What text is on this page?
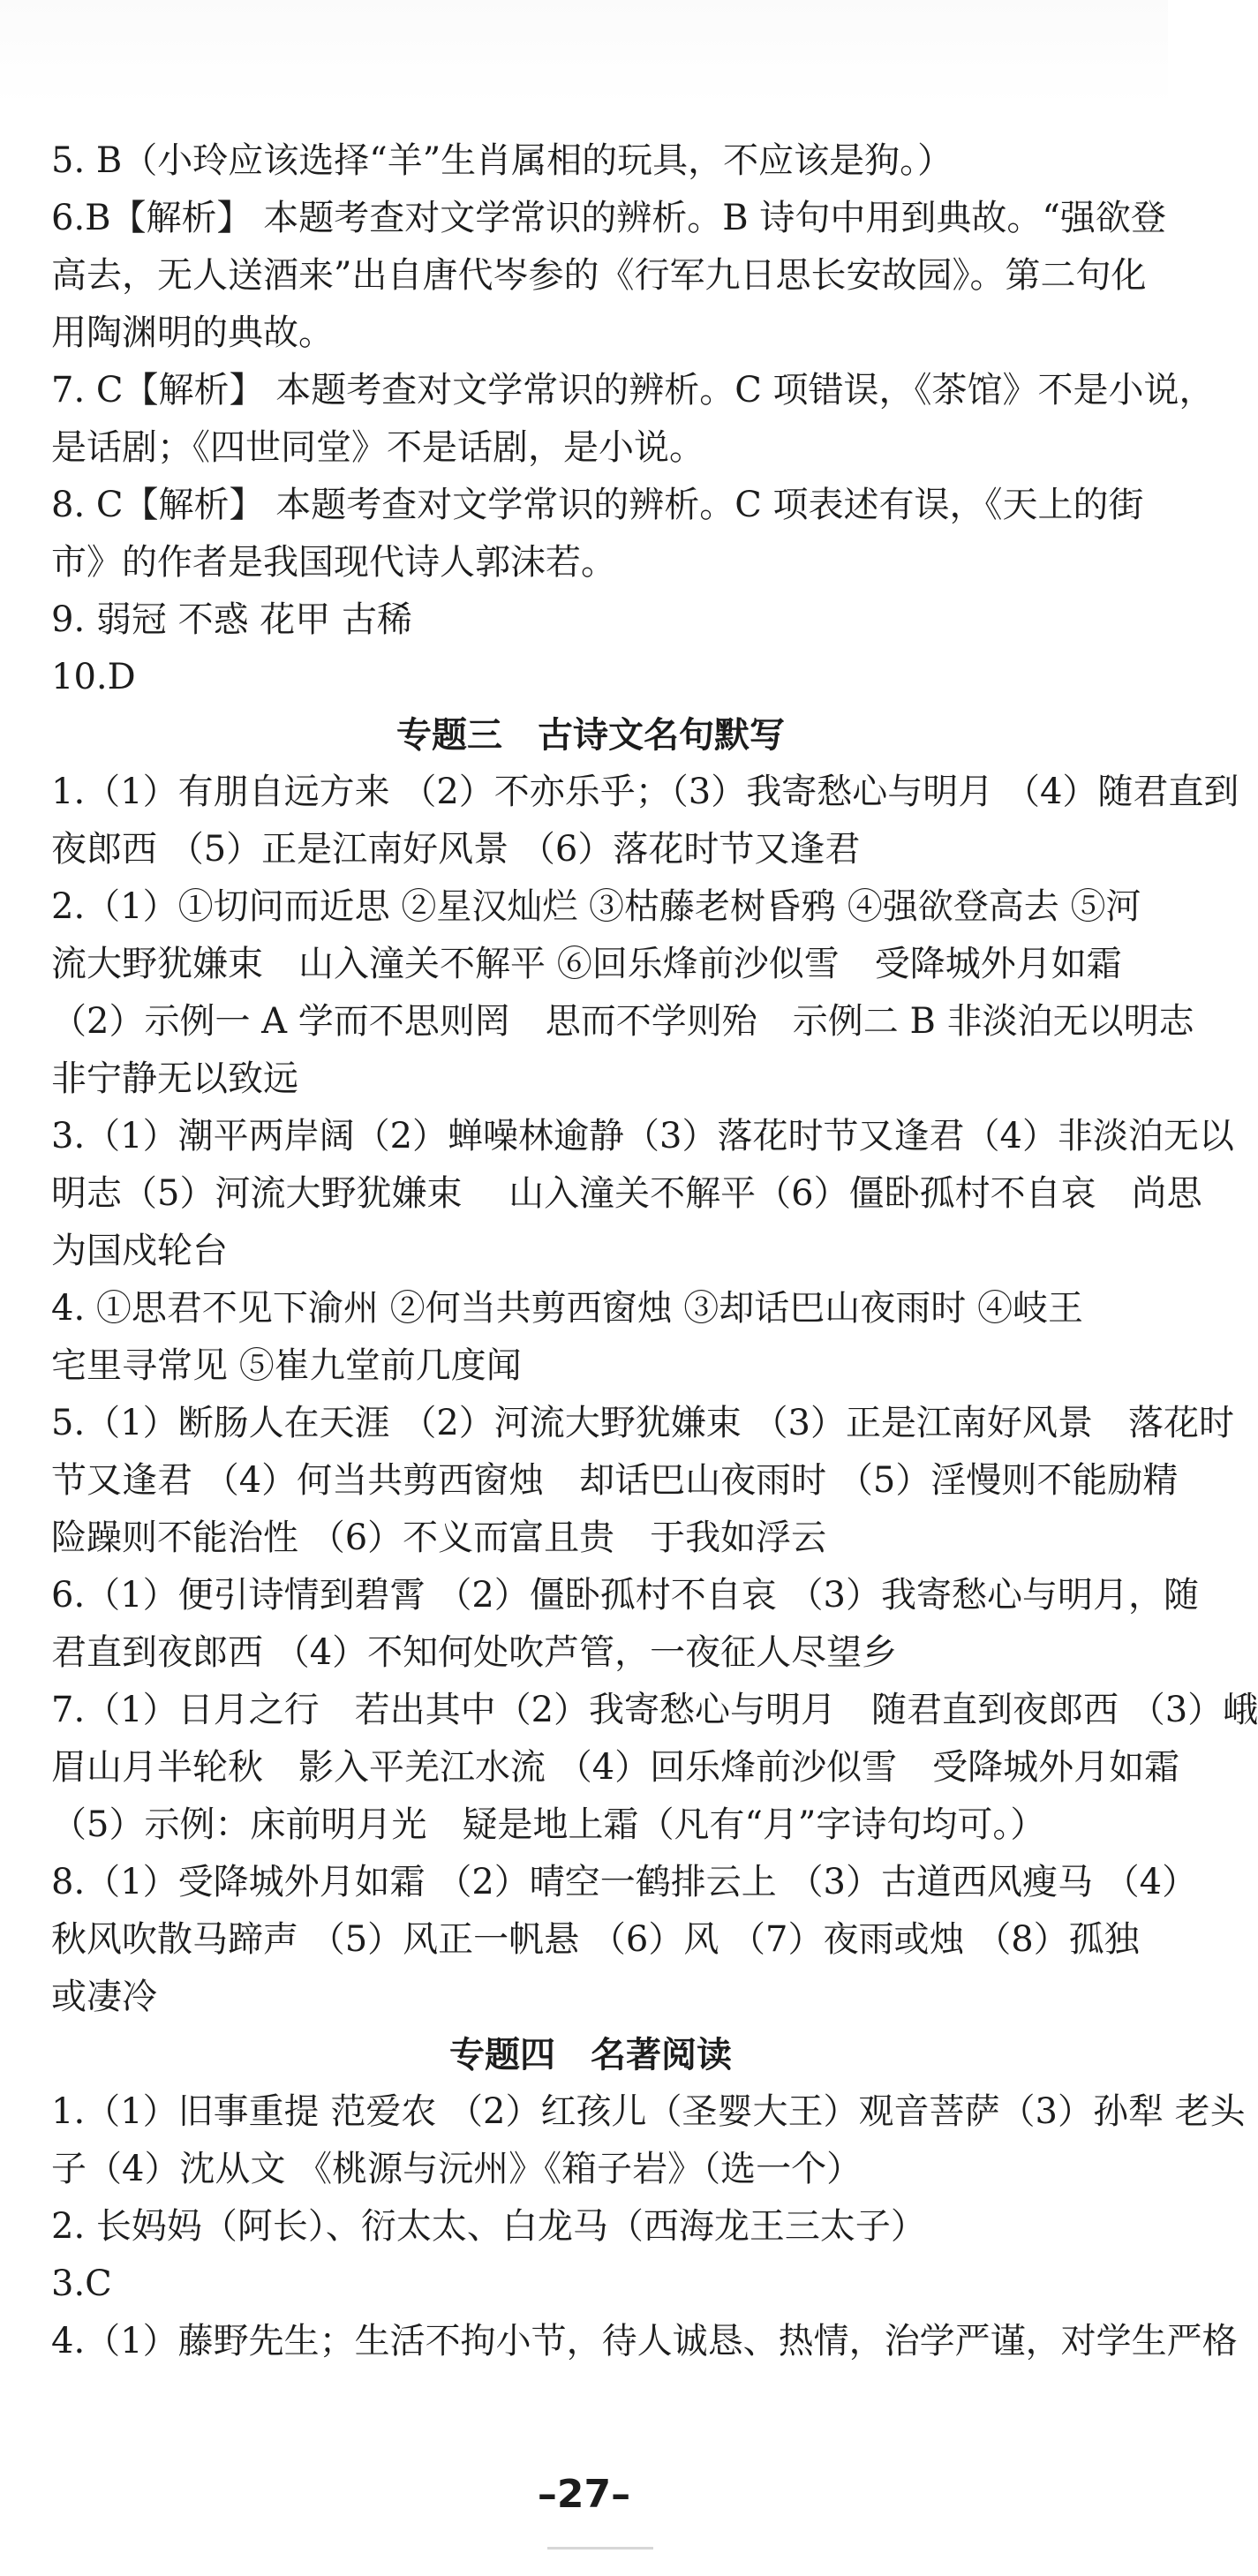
5. B（小玲应该选择“羊”生肖属相的玩具，不应该是狗。）
6.B【解析】 本题考查对文学常识的辨析。B 诗句中用到典故。“强欲登
高去，无人送酒来”出自唐代岑参的《行军九日思长安故园》。第二句化
用陶渊明的典故。
7. C【解析】 本题考查对文学常识的辨析。C 项错误，《茶馆》不是小说，
是话剧；《四世同堂》不是话剧，是小说。
8. C【解析】 本题考查对文学常识的辨析。C 项表述有误，《天上的街
市》的作者是我国现代诗人郭沫若。
9. 弱冠 不惑 花甲 古稀
10.D
专题三　古诗文名句默写
1.（1）有朋自远方来 （2）不亦乐乎；（3）我寄愁心与明月 （4）随君直到
夜郎西 （5）正是江南好风景 （6）落花时节又逢君
2.（1）①切问而近思 ②星汉灿烂 ③枯藤老树昏鸦 ④强欲登高去 ⑤河
流大野犹嫌束　山入潼关不解平 ⑥回乐烽前沙似雪　受降城外月如霜
（2）示例一 A 学而不思则罔　思而不学则殆　示例二 B 非淡泊无以明志
非宁静无以致远
3.（1）潮平两岸阔（2）蝉噪林逾静（3）落花时节又逢君（4）非淡泊无以
明志（5）河流大野犹嫌束　 山入潼关不解平（6）僵卧孤村不自哀　尚思
为国戍轮台
4. ①思君不见下渝州 ②何当共剪西窗烛 ③却话巴山夜雨时 ④岐王
宅里寻常见 ⑤崔九堂前几度闻
5.（1）断肠人在天涯 （2）河流大野犹嫌束 （3）正是江南好风景　落花时
节又逢君 （4）何当共剪西窗烛　却话巴山夜雨时 （5）淫慢则不能励精
险躁则不能治性 （6）不义而富且贵　于我如浮云
6.（1）便引诗情到碧霄 （2）僵卧孤村不自哀 （3）我寄愁心与明月，随
君直到夜郎西 （4）不知何处吹芦管，一夜征人尽望乡
7.（1）日月之行　若出其中（2）我寄愁心与明月　随君直到夜郎西 （3）峨
眉山月半轮秋　影入平羌江水流 （4）回乐烽前沙似雪　受降城外月如霜
（5）示例：床前明月光　疑是地上霜（凡有“月”字诗句均可。）
8.（1）受降城外月如霜 （2）晴空一鹤排云上 （3）古道西风瘦马 （4）
秋风吹散马蹄声 （5）风正一帆悬 （6）风 （7）夜雨或烛 （8）孤独
或凄冷
专题四　名著阅读
1.（1）旧事重提 范爱农 （2）红孩儿（圣婴大王）观音菩萨（3）孙犁 老头
子（4）沈从文 《桃源与沅州》《箱子岩》（选一个）
2. 长妈妈（阿长）、衍太太、白龙马（西海龙王三太子）
3.C
4.（1）藤野先生；生活不拘小节，待人诚恳、热情，治学严谨，对学生严格
–27–
